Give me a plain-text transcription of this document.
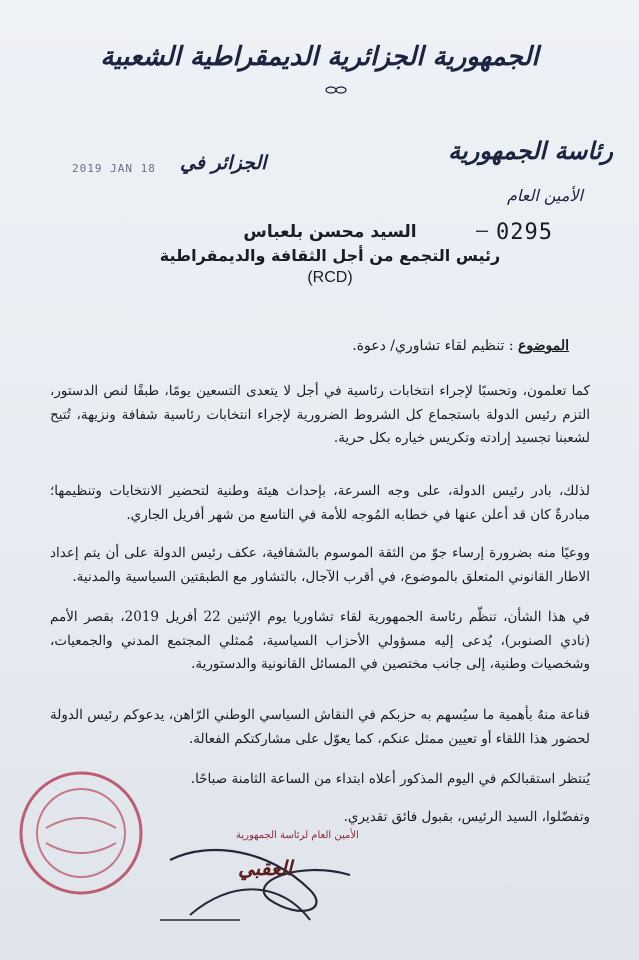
الجمهورية الجزائرية الديمقراطية الشعبية
رئاسة الجمهورية
الأمين العام
— 0295
الجزائر في
2019 JAN 18
السيد محسن بلعباس
رئيس التجمع من أجل الثقافة والديمقراطية
(RCD)
الموضوع : تنظيم لقاء تشاوري/ دعوة.
كما تعلمون، وتحسبًا لإجراء انتخابات رئاسية في أجل لا يتعدى التسعين يومًا، طبقًا لنص الدستور، التزم رئيس الدولة باستجماع كل الشروط الضرورية لإجراء انتخابات رئاسية شفافة ونزيهة، تُتيح لشعبنا تجسيد إرادته وتكريس خياره بكل حرية.
لذلك، بادر رئيس الدولة، على وجه السرعة، بإحداث هيئة وطنية لتحضير الانتخابات وتنظيمها؛ مبادرةٌ كان قد أعلن عنها في خطابه المُوجه للأمة في التاسع من شهر أفريل الجاري.
ووعيًا منه بضرورة إرساء جوّ من الثقة الموسوم بالشفافية، عكف رئيس الدولة على أن يتم إعداد الاطار القانوني المتعلق بالموضوع، في أقرب الآجال، بالتشاور مع الطبقتين السياسية والمدنية.
في هذا الشأن، تنظّم رئاسة الجمهورية لقاء تشاوريا يوم الإثنين 22 أفريل 2019، بقصر الأمم (نادي الصنوبر)، يُدعى إليه مسؤولي الأحزاب السياسية، مُمثلي المجتمع المدني والجمعيات، وشخصيات وطنية، إلى جانب مختصين في المسائل القانونية والدستورية.
قناعة منهُ بأهمية ما سيُسهم به حزبكم في النقاش السياسي الوطني الرّاهن، يدعوكم رئيس الدولة لحضور هذا اللقاء أو تعيين ممثل عنكم، كما يعوّل على مشاركتكم الفعالة.
يُنتظر استقبالكم في اليوم المذكور أعلاه ابتداء من الساعة الثامنة صباحًا.
وتفضّلوا، السيد الرئيس، بقبول فائق تقديري.
الأمين العام لرئاسة الجمهورية
العقبي
